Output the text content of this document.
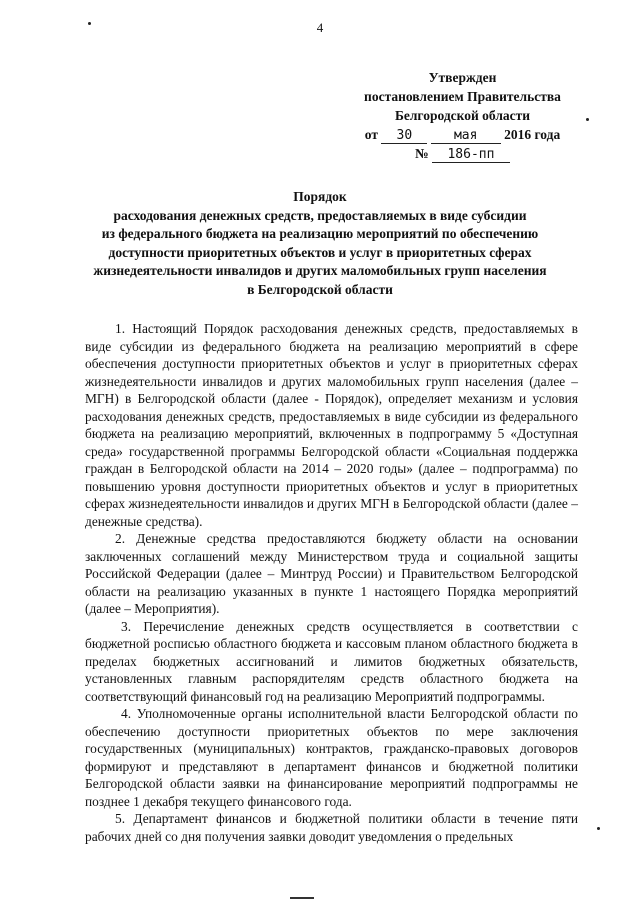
4
Утвержден
постановлением Правительства
Белгородской области
от 30	мая 2016 года
№ 186-пп
Порядок
расходования денежных средств, предоставляемых в виде субсидии
из федерального бюджета на реализацию мероприятий по обеспечению
доступности приоритетных объектов и услуг в приоритетных сферах
жизнедеятельности инвалидов и других маломобильных групп населения
в Белгородской области

1. Настоящий Порядок расходования денежных средств, предоставляемых в виде субсидии из федерального бюджета на реализацию мероприятий в сфере обеспечения доступности приоритетных объектов и услуг в приоритетных сферах жизнедеятельности инвалидов и других маломобильных групп населения (далее – МГН) в Белгородской области (далее - Порядок), определяет механизм и условия расходования денежных средств, предоставляемых в виде субсидии из федерального бюджета на реализацию мероприятий, включенных в подпрограмму 5 «Доступная среда» государственной программы Белгородской области «Социальная поддержка граждан в Белгородской области на 2014 – 2020 годы» (далее – подпрограмма) по повышению уровня доступности приоритетных объектов и услуг в приоритетных сферах жизнедеятельности инвалидов и других МГН в Белгородской области (далее – денежные средства).

2. Денежные средства предоставляются бюджету области на основании заключенных соглашений между Министерством труда и социальной защиты Российской Федерации (далее – Минтруд России) и Правительством Белгородской области на реализацию указанных в пункте 1 настоящего Порядка мероприятий (далее – Мероприятия).

3. Перечисление денежных средств осуществляется в соответствии с бюджетной росписью областного бюджета и кассовым планом областного бюджета в пределах бюджетных ассигнований и лимитов бюджетных обязательств, установленных главным распорядителям средств областного бюджета на соответствующий финансовый год на реализацию Мероприятий подпрограммы.

4. Уполномоченные органы исполнительной власти Белгородской области по обеспечению доступности приоритетных объектов по мере заключения государственных (муниципальных) контрактов, гражданско-правовых договоров формируют и представляют в департамент финансов и бюджетной политики Белгородской области заявки на финансирование мероприятий подпрограммы не позднее 1 декабря текущего финансового года.

5. Департамент финансов и бюджетной политики области в течение пяти рабочих дней со дня получения заявки доводит уведомления о предельных
